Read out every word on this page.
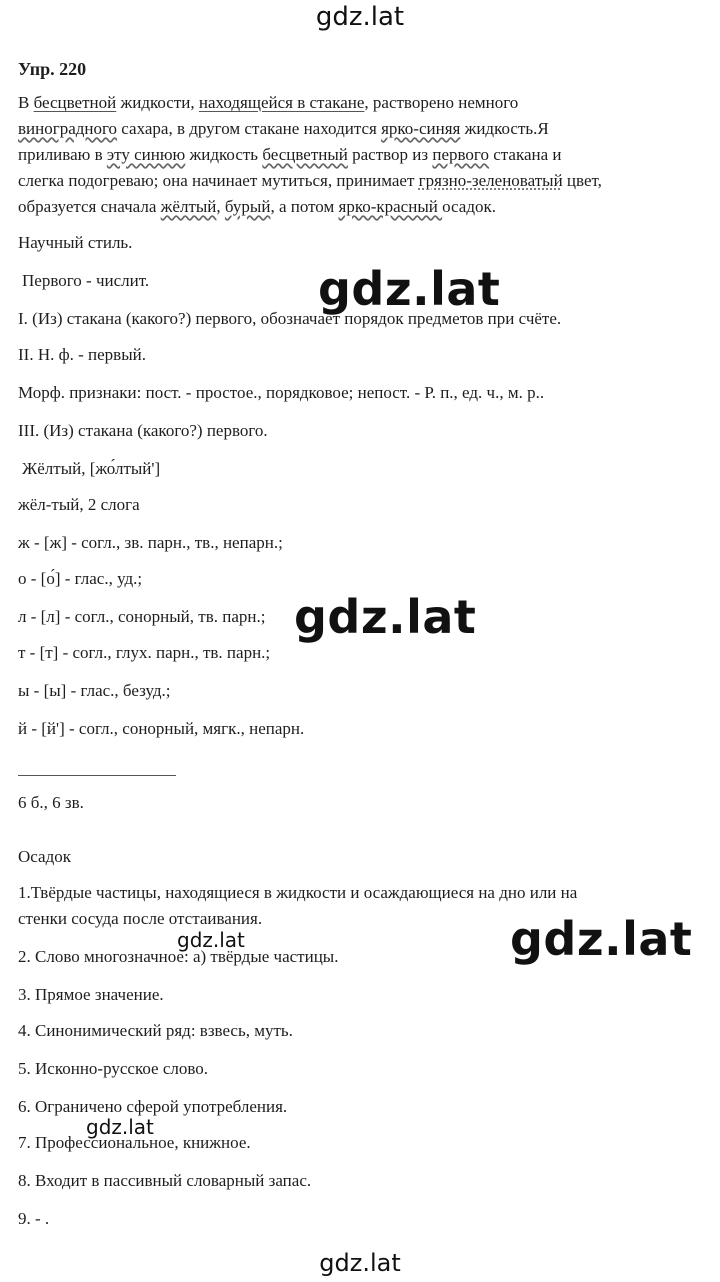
gdz.lat
Упр. 220
В бесцветной жидкости, находящейся в стакане, растворено немного
виноградного сахара, в другом стакане находится ярко-синяя жидкость.Я
приливаю в эту синюю жидкость бесцветный раствор из первого стакана и
слегка подогреваю; она начинает мутиться, принимает грязно-зеленоватый цвет,
образуется сначала жёлтый, бурый, а потом ярко-красный осадок.
Научный стиль.
Первого - числит.
I. (Из) стакана (какого?) первого, обозначает порядок предметов при счёте.
II. Н. ф. - первый.
Морф. признаки: пост. - простое., порядковое; непост. - Р. п., ед. ч., м. р..
III. (Из) стакана (какого?) первого.
Жёлтый, [жо́лтый']
жёл-тый, 2 слога
ж - [ж] - согл., зв. парн., тв., непарн.;
о - [о́] - глас., уд.;
л - [л] - согл., сонорный, тв. парн.;
т - [т] - согл., глух. парн., тв. парн.;
ы - [ы] - глас., безуд.;
й - [й'] - согл., сонорный, мягк., непарн.
6 б., 6 зв.
Осадок
1.Твёрдые частицы, находящиеся в жидкости и осаждающиеся на дно или на
стенки сосуда после отстаивания.
2. Слово многозначное: а) твёрдые частицы.
3. Прямое значение.
4. Синонимический ряд: взвесь, муть.
5. Исконно-русское слово.
6. Ограничено сферой употребления.
7. Профессиональное, книжное.
8. Входит в пассивный словарный запас.
9. - .
gdz.lat
gdz.lat
gdz.lat
gdz.lat
gdz.lat
gdz.lat
